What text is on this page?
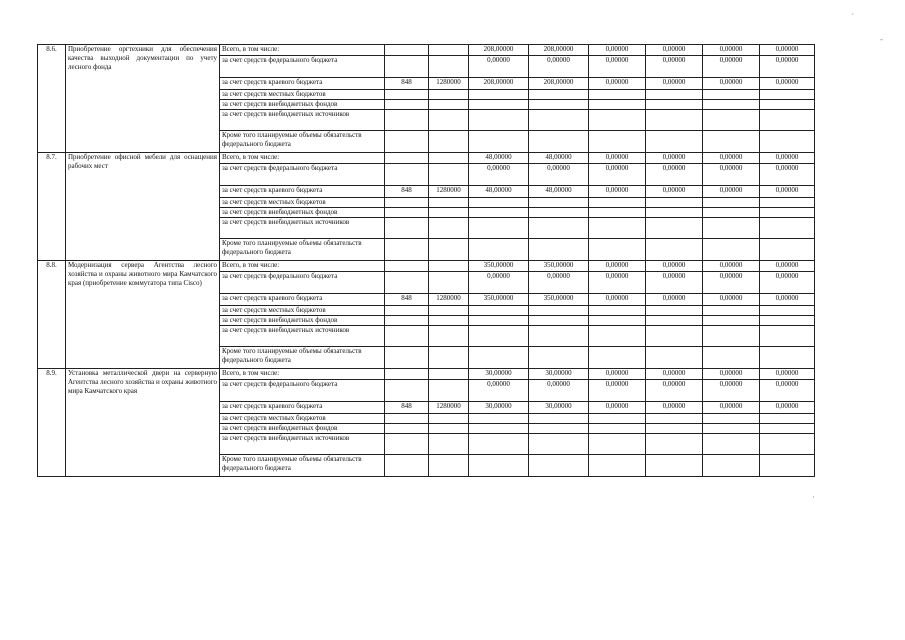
8.6.	Приобретение оргтехники для обеспечения качества выходной документации по учету лесного фонда	Всего, в том числе:			208,00000	208,00000	0,00000	0,00000	0,00000	0,00000
		за счет средств федерального бюджета			0,00000	0,00000	0,00000	0,00000	0,00000	0,00000
		за счет средств краевого бюджета	848	1280000	208,00000	208,00000	0,00000	0,00000	0,00000	0,00000
		за счет средств местных бюджетов								
		за счет средств внебюджетных фондов								
		за счет средств внебюджетных источников								
		Кроме того планируемые объемы обязательств федерального бюджета								
8.7.	Приобретение офисной мебели для оснащения рабочих мест	Всего, в том числе:			48,00000	48,00000	0,00000	0,00000	0,00000	0,00000
		за счет средств федерального бюджета			0,00000	0,00000	0,00000	0,00000	0,00000	0,00000
		за счет средств краевого бюджета	848	1280000	48,00000	48,00000	0,00000	0,00000	0,00000	0,00000
		за счет средств местных бюджетов								
		за счет средств внебюджетных фондов								
		за счет средств внебюджетных источников								
		Кроме того планируемые объемы обязательств федерального бюджета								
8.8.	Модернизация сервера Агентства лесного хозяйства и охраны животного мира Камчатского края (приобретение коммутатора типа Cisco)	Всего, в том числе:			350,00000	350,00000	0,00000	0,00000	0,00000	0,00000
		за счет средств федерального бюджета			0,00000	0,00000	0,00000	0,00000	0,00000	0,00000
		за счет средств краевого бюджета	848	1280000	350,00000	350,00000	0,00000	0,00000	0,00000	0,00000
		за счет средств местных бюджетов								
		за счет средств внебюджетных фондов								
		за счет средств внебюджетных источников								
		Кроме того планируемые объемы обязательств федерального бюджета								
8.9.	Установка металлической двери на серверную Агентства лесного хозяйства и охраны животного мира Камчатского края	Всего, в том числе:			30,00000	30,00000	0,00000	0,00000	0,00000	0,00000
		за счет средств федерального бюджета			0,00000	0,00000	0,00000	0,00000	0,00000	0,00000
		за счет средств краевого бюджета	848	1280000	30,00000	30,00000	0,00000	0,00000	0,00000	0,00000
		за счет средств местных бюджетов								
		за счет средств внебюджетных фондов								
		за счет средств внебюджетных источников								
		Кроме того планируемые объемы обязательств федерального бюджета								
´
-
·
